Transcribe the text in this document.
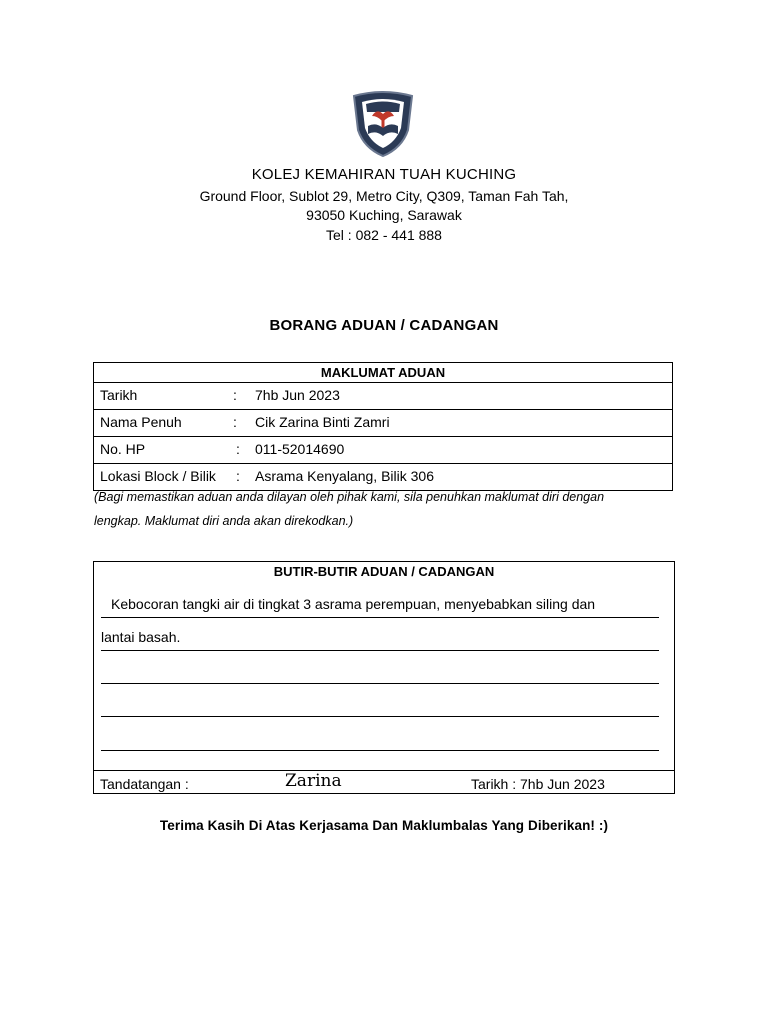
★
KOLEJ KEMAHIRAN TUAH KUCHING
Ground Floor, Sublot 29, Metro City, Q309, Taman Fah Tah,
93050 Kuching, Sarawak
Tel : 082 - 441 888
BORANG ADUAN / CADANGAN
MAKLUMAT ADUAN
Tarikh	: 7hb Jun 2023
Nama Penuh	: Cik Zarina Binti Zamri
No. HP	: 011-52014690
Lokasi Block / Bilik : Asrama Kenyalang, Bilik 306
(Bagi memastikan aduan anda dilayan oleh pihak kami, sila penuhkan maklumat diri dengan
lengkap. Maklumat diri anda akan direkodkan.)
BUTIR-BUTIR ADUAN / CADANGAN
Kebocoran tangki air di tingkat 3 asrama perempuan, menyebabkan siling dan
lantai basah.
Tandatangan :	Zarina	Tarikh : 7hb Jun 2023
Terima Kasih Di Atas Kerjasama Dan Maklumbalas Yang Diberikan! :)
